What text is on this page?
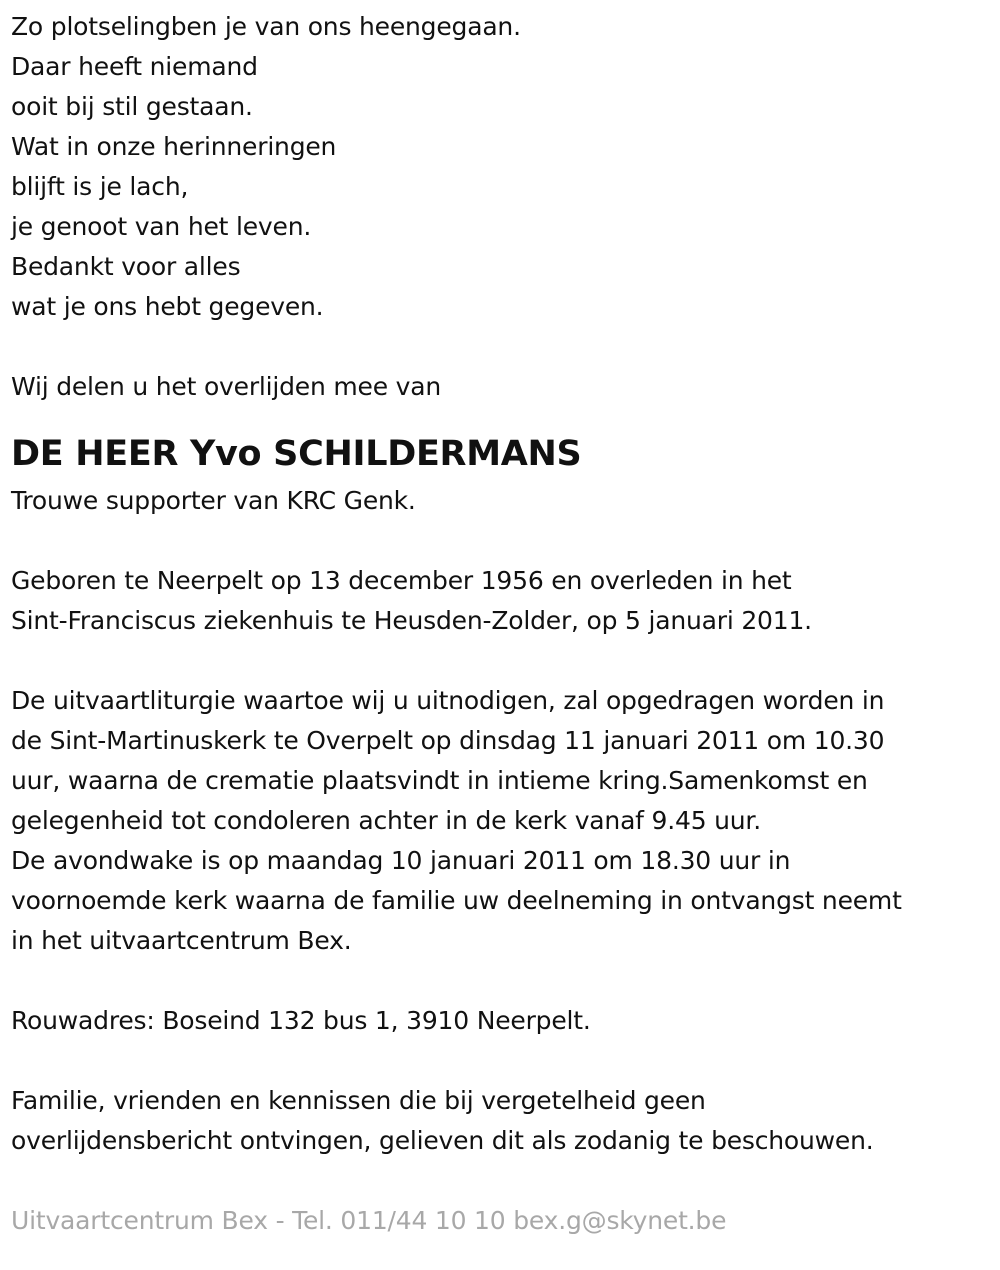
Zo plotselingben je van ons heengegaan.
Daar heeft niemand
ooit bij stil gestaan.
Wat in onze herinneringen
blijft is je lach,
je genoot van het leven.
Bedankt voor alles
wat je ons hebt gegeven.
Wij delen u het overlijden mee van
DE HEER Yvo SCHILDERMANS
Trouwe supporter van KRC Genk.
Geboren te Neerpelt op 13 december 1956 en overleden in het
Sint-Franciscus ziekenhuis te Heusden-Zolder, op 5 januari 2011.
De uitvaartliturgie waartoe wij u uitnodigen, zal opgedragen worden in
de Sint-Martinuskerk te Overpelt op dinsdag 11 januari 2011 om 10.30
uur, waarna de crematie plaatsvindt in intieme kring.Samenkomst en
gelegenheid tot condoleren achter in de kerk vanaf 9.45 uur.
De avondwake is op maandag 10 januari 2011 om 18.30 uur in
voornoemde kerk waarna de familie uw deelneming in ontvangst neemt
in het uitvaartcentrum Bex.
Rouwadres: Boseind 132 bus 1, 3910 Neerpelt.
Familie, vrienden en kennissen die bij vergetelheid geen
overlijdensbericht ontvingen, gelieven dit als zodanig te beschouwen.
Uitvaartcentrum Bex - Tel. 011/44 10 10 bex.g@skynet.be
